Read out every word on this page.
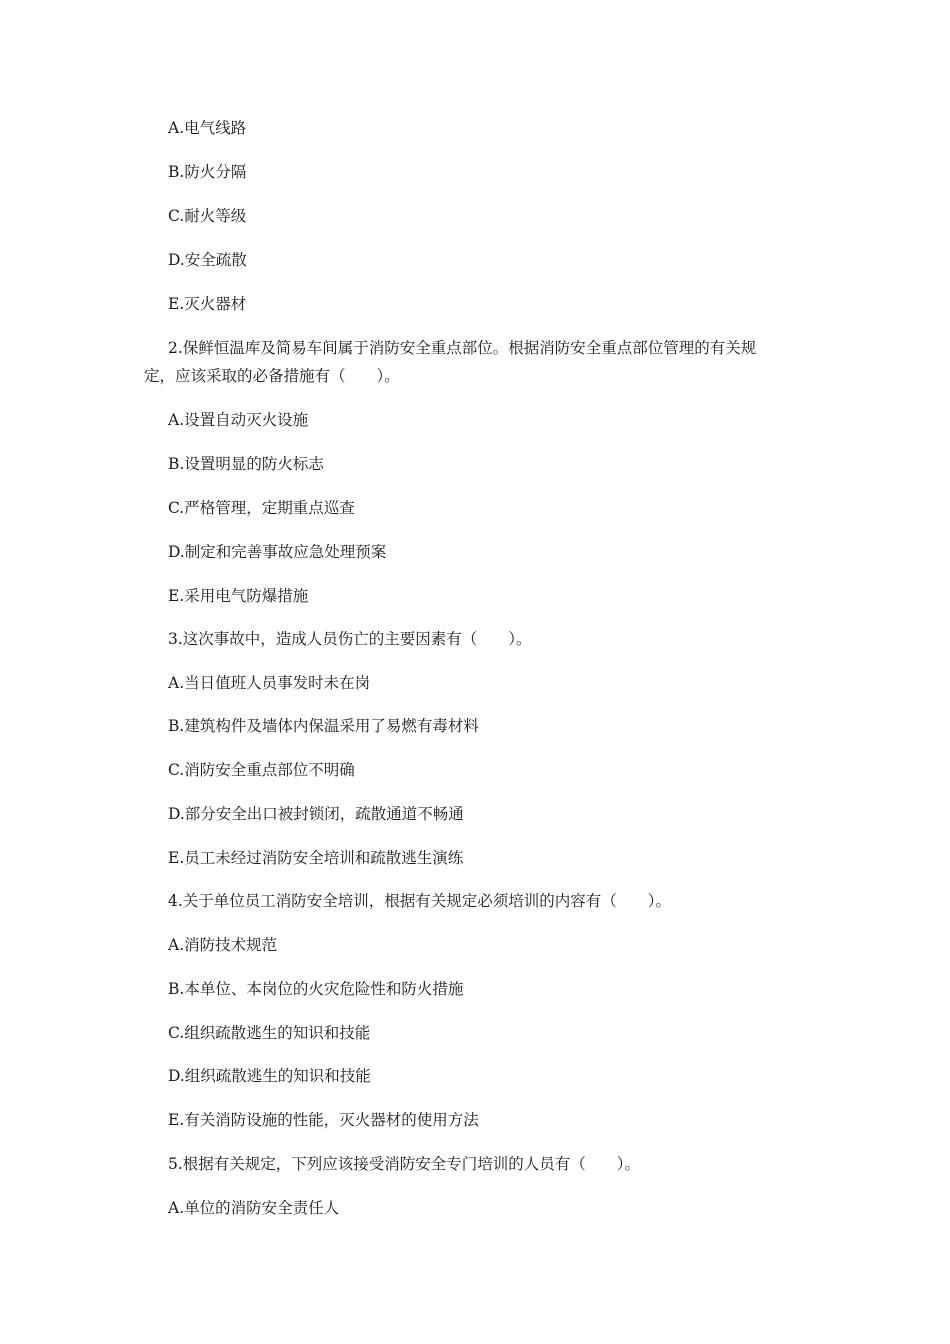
A.电气线路
B.防火分隔
C.耐火等级
D.安全疏散
E.灭火器材
2.保鲜恒温库及简易车间属于消防安全重点部位。根据消防安全重点部位管理的有关规
定，应该采取的必备措施有（　　）。
A.设置自动灭火设施
B.设置明显的防火标志
C.严格管理，定期重点巡查
D.制定和完善事故应急处理预案
E.采用电气防爆措施
3.这次事故中，造成人员伤亡的主要因素有（　　）。
A.当日值班人员事发时未在岗
B.建筑构件及墙体内保温采用了易燃有毒材料
C.消防安全重点部位不明确
D.部分安全出口被封锁闭，疏散通道不畅通
E.员工未经过消防安全培训和疏散逃生演练
4.关于单位员工消防安全培训，根据有关规定必须培训的内容有（　　）。
A.消防技术规范
B.本单位、本岗位的火灾危险性和防火措施
C.组织疏散逃生的知识和技能
D.组织疏散逃生的知识和技能
E.有关消防设施的性能，灭火器材的使用方法
5.根据有关规定，下列应该接受消防安全专门培训的人员有（　　）。
A.单位的消防安全责任人
